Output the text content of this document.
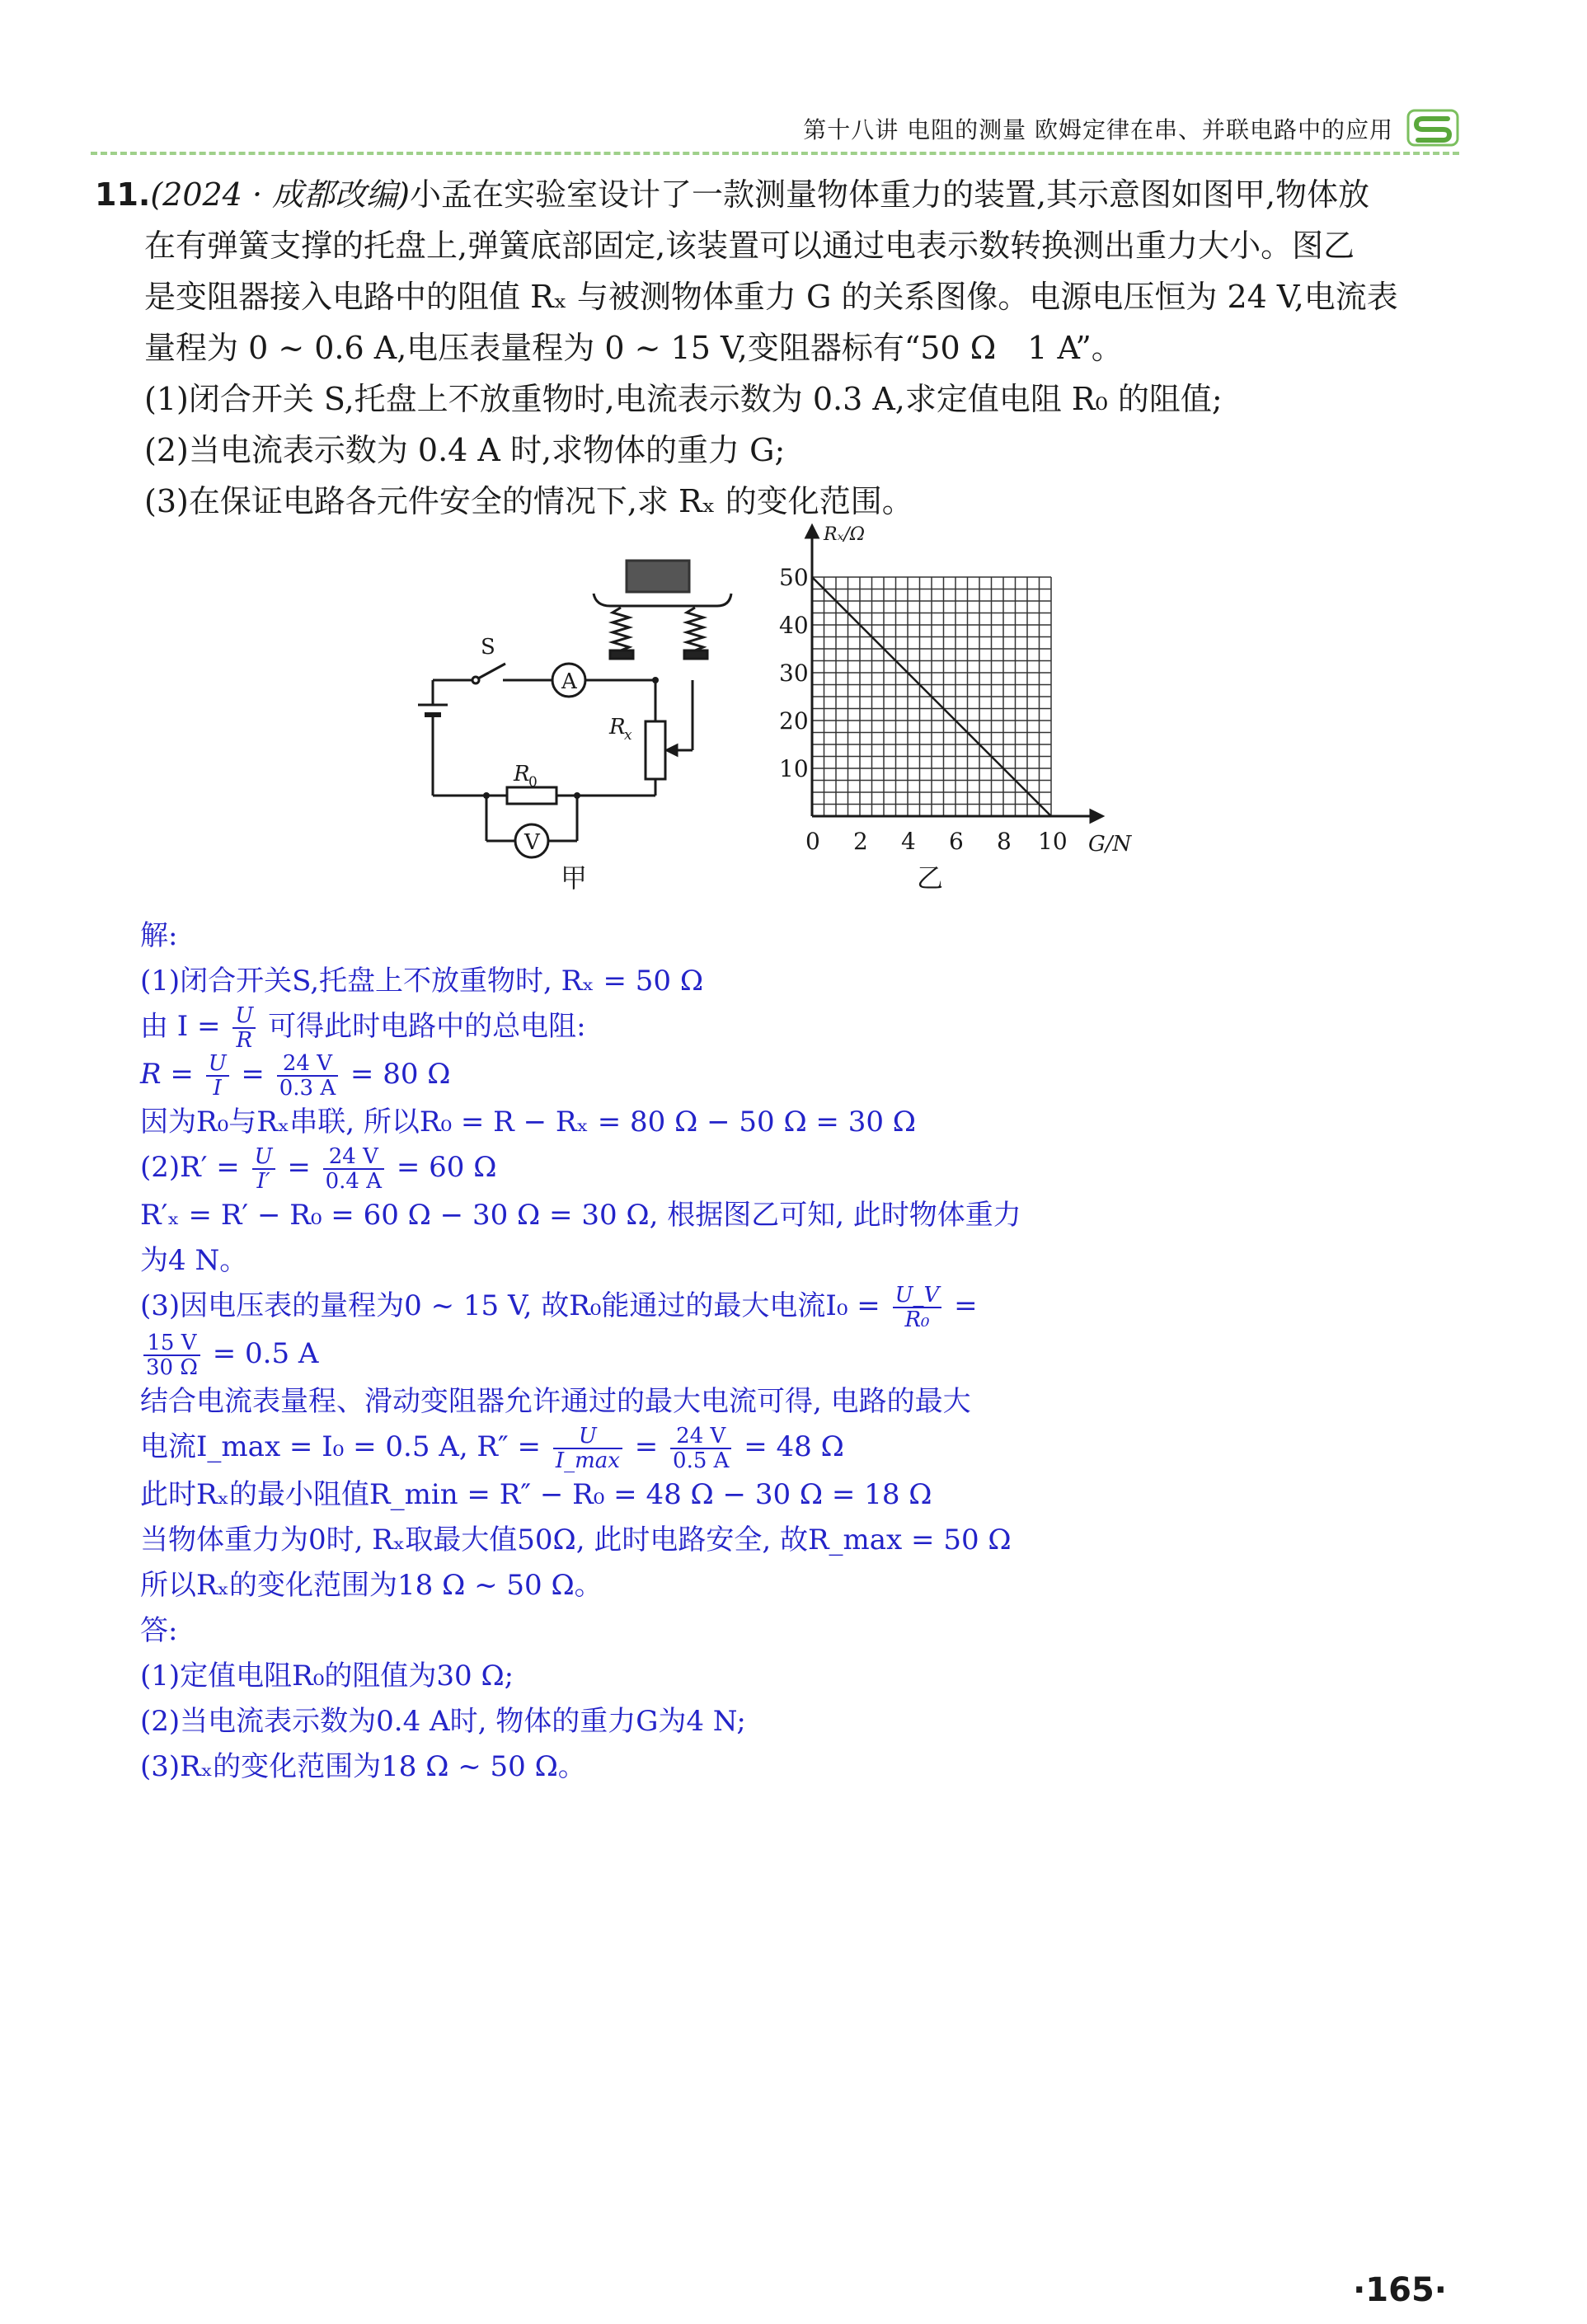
第十八讲 电阻的测量 欧姆定律在串、并联电路中的应用

11.(2024 · 成都改编)小孟在实验室设计了一款测量物体重力的装置,其示意图如图甲,物体放

在有弹簧支撑的托盘上,弹簧底部固定,该装置可以通过电表示数转换测出重力大小。图乙

是变阻器接入电路中的阻值 Rₓ 与被测物体重力 G 的关系图像。电源电压恒为 24 V,电流表

量程为 0 ~ 0.6 A,电压表量程为 0 ~ 15 V,变阻器标有“50 Ω　1 A”。

(1)闭合开关 S,托盘上不放重物时,电流表示数为 0.3 A,求定值电阻 R₀ 的阻值;

(2)当电流表示数为 0.4 A 时,求物体的重力 G;

(3)在保证电路各元件安全的情况下,求 Rₓ 的变化范围。

S
A
V
R
x
R
0
甲
0 2 4 6 8 10
10
20
30
40
50
Rₓ/Ω
G/N
乙

解:

(1)闭合开关S,托盘上不放重物时, Rₓ = 50 Ω

由 $I = \frac{U}{R}$ 可得此时电路中的总电阻:

$R = \frac{U}{I} = \frac{24 V}{0.3 A} = 80$ Ω

因为R₀与Rₓ串联, 所以R₀ = R − Rₓ = 80 Ω − 50 Ω = 30 Ω

$(2)R' = \frac{U}{I'} = \frac{24 V}{0.4 A} = 60$ Ω

R′ₓ = R′ − R₀ = 60 Ω − 30 Ω = 30 Ω, 根据图乙可知, 此时物体重力

为4 N。

(3)因电压表的量程为0 ~ 15 V, 故R₀能通过的最大电流$I_0 = \frac{U\_V}{\text{R₀}}$ =

$\frac{15 V}{30 \Omega} = 0.5$ A

结合电流表量程、滑动变阻器允许通过的最大电流可得, 电路的最大

电流I_max = I₀ = 0.5 A, R″ =	U
I_max = $\frac{24 V}{0.5 A} = 48$ Ω

此时Rₓ的最小阻值R_min = R″ − R₀ = 48 Ω − 30 Ω = 18 Ω

当物体重力为0时, Rₓ取最大值50Ω, 此时电路安全, 故R_max = 50 Ω

所以Rₓ的变化范围为18 Ω ~ 50 Ω。

答:

(1)定值电阻R₀的阻值为30 Ω;

(2)当电流表示数为0.4 A时, 物体的重力G为4 N;

(3)Rₓ的变化范围为18 Ω ~ 50 Ω。

·165·
